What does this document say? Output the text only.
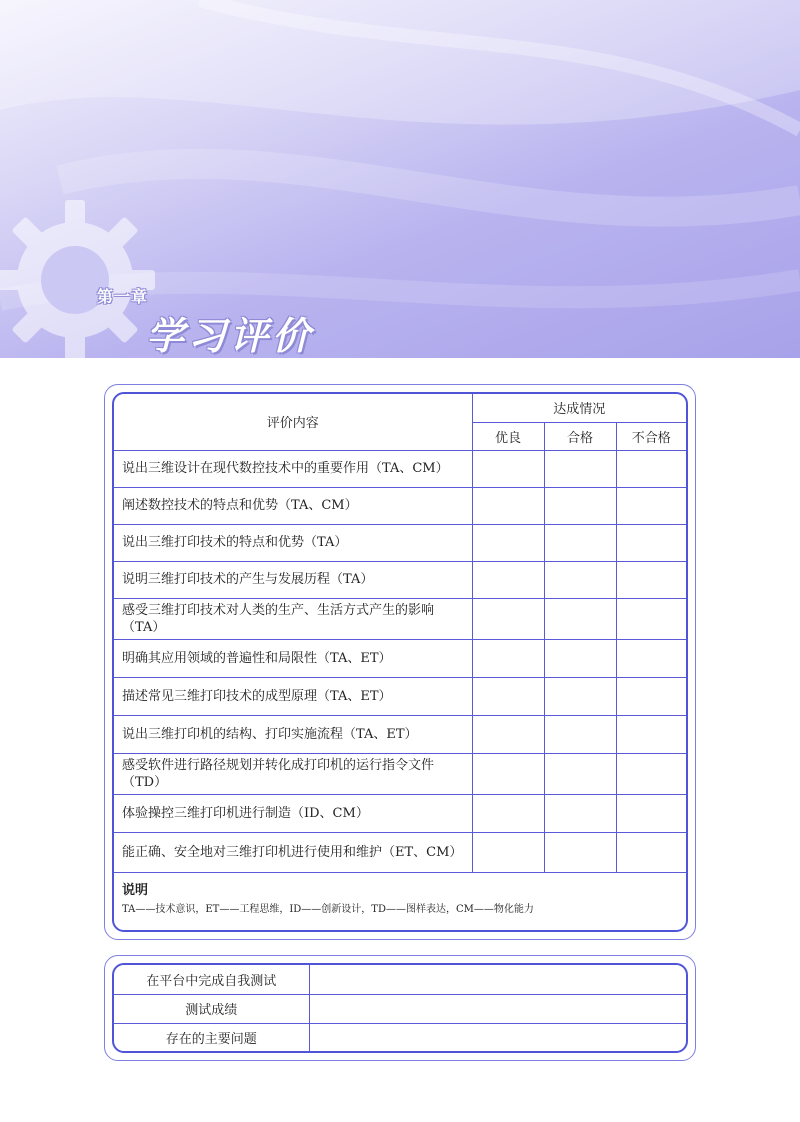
第一章
学习评价
评价内容	达成情况		
	优良	合格	不合格
说出三维设计在现代数控技术中的重要作用（TA、CM）			
阐述数控技术的特点和优势（TA、CM）			
说出三维打印技术的特点和优势（TA）			
说明三维打印技术的产生与发展历程（TA）			
感受三维打印技术对人类的生产、生活方式产生的影响（TA）			
明确其应用领域的普遍性和局限性（TA、ET）			
描述常见三维打印技术的成型原理（TA、ET）			
说出三维打印机的结构、打印实施流程（TA、ET）			
感受软件进行路径规划并转化成打印机的运行指令文件（TD）			
体验操控三维打印机进行制造（ID、CM）			
能正确、安全地对三维打印机进行使用和维护（ET、CM）			

说明
TA——技术意识，ET——工程思维，ID——创新设计，TD——图样表达，CM——物化能力			
在平台中完成自我测试	
测试成绩	
存在的主要问题	
